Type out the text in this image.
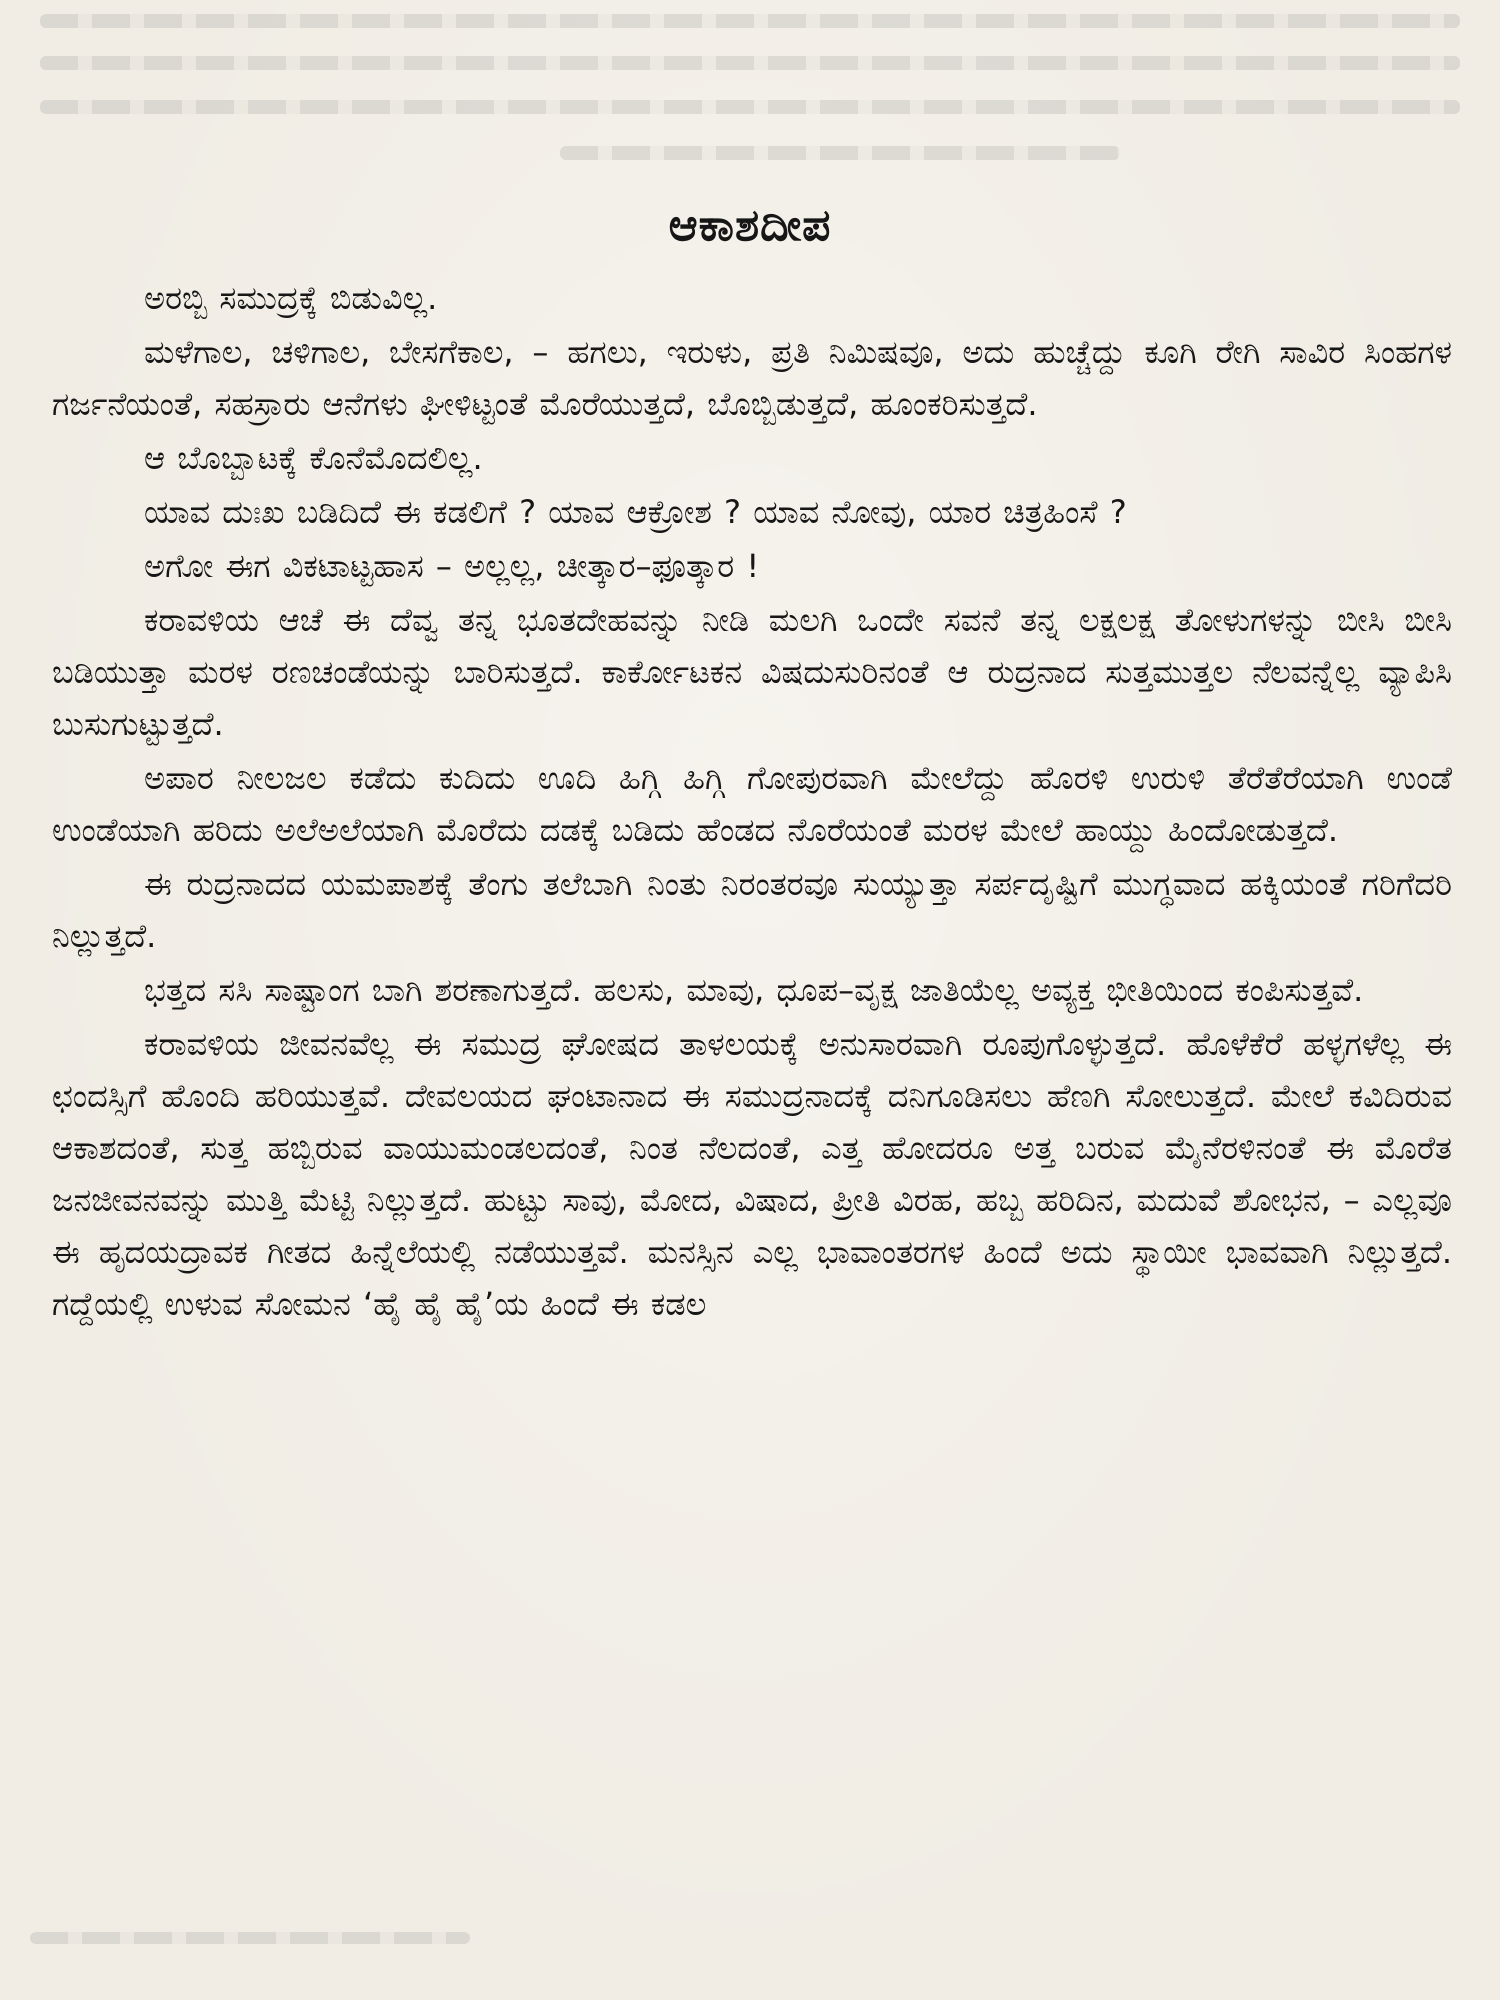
ಆಕಾಶದೀಪ

ಅರಬ್ಬಿ ಸಮುದ್ರಕ್ಕೆ ಬಿಡುವಿಲ್ಲ.

ಮಳೆಗಾಲ, ಚಳಿಗಾಲ, ಬೇಸಗೆಕಾಲ, – ಹಗಲು, ಇರುಳು, ಪ್ರತಿ ನಿಮಿಷವೂ, ಅದು ಹುಚ್ಚೆದ್ದು ಕೂಗಿ ರೇಗಿ ಸಾವಿರ ಸಿಂಹಗಳ ಗರ್ಜನೆಯಂತೆ, ಸಹಸ್ರಾರು ಆನೆಗಳು ಘೀಳಿಟ್ಟಂತೆ ಮೊರೆಯುತ್ತದೆ, ಬೊಬ್ಬಿಡುತ್ತದೆ, ಹೂಂಕರಿಸುತ್ತದೆ.

ಆ ಬೊಬ್ಬಾಟಕ್ಕೆ ಕೊನೆಮೊದಲಿಲ್ಲ.

ಯಾವ ದುಃಖ ಬಡಿದಿದೆ ಈ ಕಡಲಿಗೆ ? ಯಾವ ಆಕ್ರೋಶ ? ಯಾವ ನೋವು, ಯಾರ ಚಿತ್ರಹಿಂಸೆ ?

ಅಗೋ ಈಗ ವಿಕಟಾಟ್ಟಹಾಸ – ಅಲ್ಲಲ್ಲ, ಚೀತ್ಕಾರ–ಫೂತ್ಕಾರ !

ಕರಾವಳಿಯ ಆಚೆ ಈ ದೆವ್ವ ತನ್ನ ಭೂತದೇಹವನ್ನು ನೀಡಿ ಮಲಗಿ ಒಂದೇ ಸವನೆ ತನ್ನ ಲಕ್ಷಲಕ್ಷ ತೋಳುಗಳನ್ನು ಬೀಸಿ ಬೀಸಿ ಬಡಿಯುತ್ತಾ ಮರಳ ರಣಚಂಡೆಯನ್ನು ಬಾರಿಸುತ್ತದೆ. ಕಾರ್ಕೋಟಕನ ವಿಷದುಸುರಿನಂತೆ ಆ ರುದ್ರನಾದ ಸುತ್ತಮುತ್ತಲ ನೆಲವನ್ನೆಲ್ಲ ವ್ಯಾಪಿಸಿ ಬುಸುಗುಟ್ಟುತ್ತದೆ.

ಅಪಾರ ನೀಲಜಲ ಕಡೆದು ಕುದಿದು ಊದಿ ಹಿಗ್ಗಿ ಹಿಗ್ಗಿ ಗೋಪುರವಾಗಿ ಮೇಲೆದ್ದು ಹೊರಳಿ ಉರುಳಿ ತೆರೆತೆರೆಯಾಗಿ ಉಂಡೆ ಉಂಡೆಯಾಗಿ ಹರಿದು ಅಲೆಅಲೆಯಾಗಿ ಮೊರೆದು ದಡಕ್ಕೆ ಬಡಿದು ಹೆಂಡದ ನೊರೆಯಂತೆ ಮರಳ ಮೇಲೆ ಹಾಯ್ದು ಹಿಂದೋಡುತ್ತದೆ.

ಈ ರುದ್ರನಾದದ ಯಮಪಾಶಕ್ಕೆ ತೆಂಗು ತಲೆಬಾಗಿ ನಿಂತು ನಿರಂತರವೂ ಸುಯ್ಯುತ್ತಾ ಸರ್ಪದೃಷ್ಟಿಗೆ ಮುಗ್ಧವಾದ ಹಕ್ಕಿಯಂತೆ ಗರಿಗೆದರಿ ನಿಲ್ಲುತ್ತದೆ.

ಭತ್ತದ ಸಸಿ ಸಾಷ್ಟಾಂಗ ಬಾಗಿ ಶರಣಾಗುತ್ತದೆ. ಹಲಸು, ಮಾವು, ಧೂಪ–ವೃಕ್ಷ ಜಾತಿಯೆಲ್ಲ ಅವ್ಯಕ್ತ ಭೀತಿಯಿಂದ ಕಂಪಿಸುತ್ತವೆ.

ಕರಾವಳಿಯ ಜೀವನವೆಲ್ಲ ಈ ಸಮುದ್ರ ಘೋಷದ ತಾಳಲಯಕ್ಕೆ ಅನುಸಾರವಾಗಿ ರೂಪುಗೊಳ್ಳುತ್ತದೆ. ಹೊಳೆಕೆರೆ ಹಳ್ಳಗಳೆಲ್ಲ ಈ ಛಂದಸ್ಸಿಗೆ ಹೊಂದಿ ಹರಿಯುತ್ತವೆ. ದೇವಲಯದ ಘಂಟಾನಾದ ಈ ಸಮುದ್ರನಾದಕ್ಕೆ ದನಿಗೂಡಿಸಲು ಹೆಣಗಿ ಸೋಲುತ್ತದೆ. ಮೇಲೆ ಕವಿದಿರುವ ಆಕಾಶದಂತೆ, ಸುತ್ತ ಹಬ್ಬಿರುವ ವಾಯುಮಂಡಲದಂತೆ, ನಿಂತ ನೆಲದಂತೆ, ಎತ್ತ ಹೋದರೂ ಅತ್ತ ಬರುವ ಮೈನೆರಳಿನಂತೆ ಈ ಮೊರೆತ ಜನಜೀವನವನ್ನು ಮುತ್ತಿ ಮೆಟ್ಟಿ ನಿಲ್ಲುತ್ತದೆ. ಹುಟ್ಟು ಸಾವು, ಮೋದ, ವಿಷಾದ, ಪ್ರೀತಿ ವಿರಹ, ಹಬ್ಬ ಹರಿದಿನ, ಮದುವೆ ಶೋಭನ, – ಎಲ್ಲವೂ ಈ ಹೃದಯದ್ರಾವಕ ಗೀತದ ಹಿನ್ನೆಲೆಯಲ್ಲಿ ನಡೆಯುತ್ತವೆ. ಮನಸ್ಸಿನ ಎಲ್ಲ ಭಾವಾಂತರಗಳ ಹಿಂದೆ ಅದು ಸ್ಥಾಯೀ ಭಾವವಾಗಿ ನಿಲ್ಲುತ್ತದೆ. ಗದ್ದೆಯಲ್ಲಿ ಉಳುವ ಸೋಮನ ‘ಹೈ ಹೈ ಹೈ’ಯ ಹಿಂದೆ ಈ ಕಡಲ
